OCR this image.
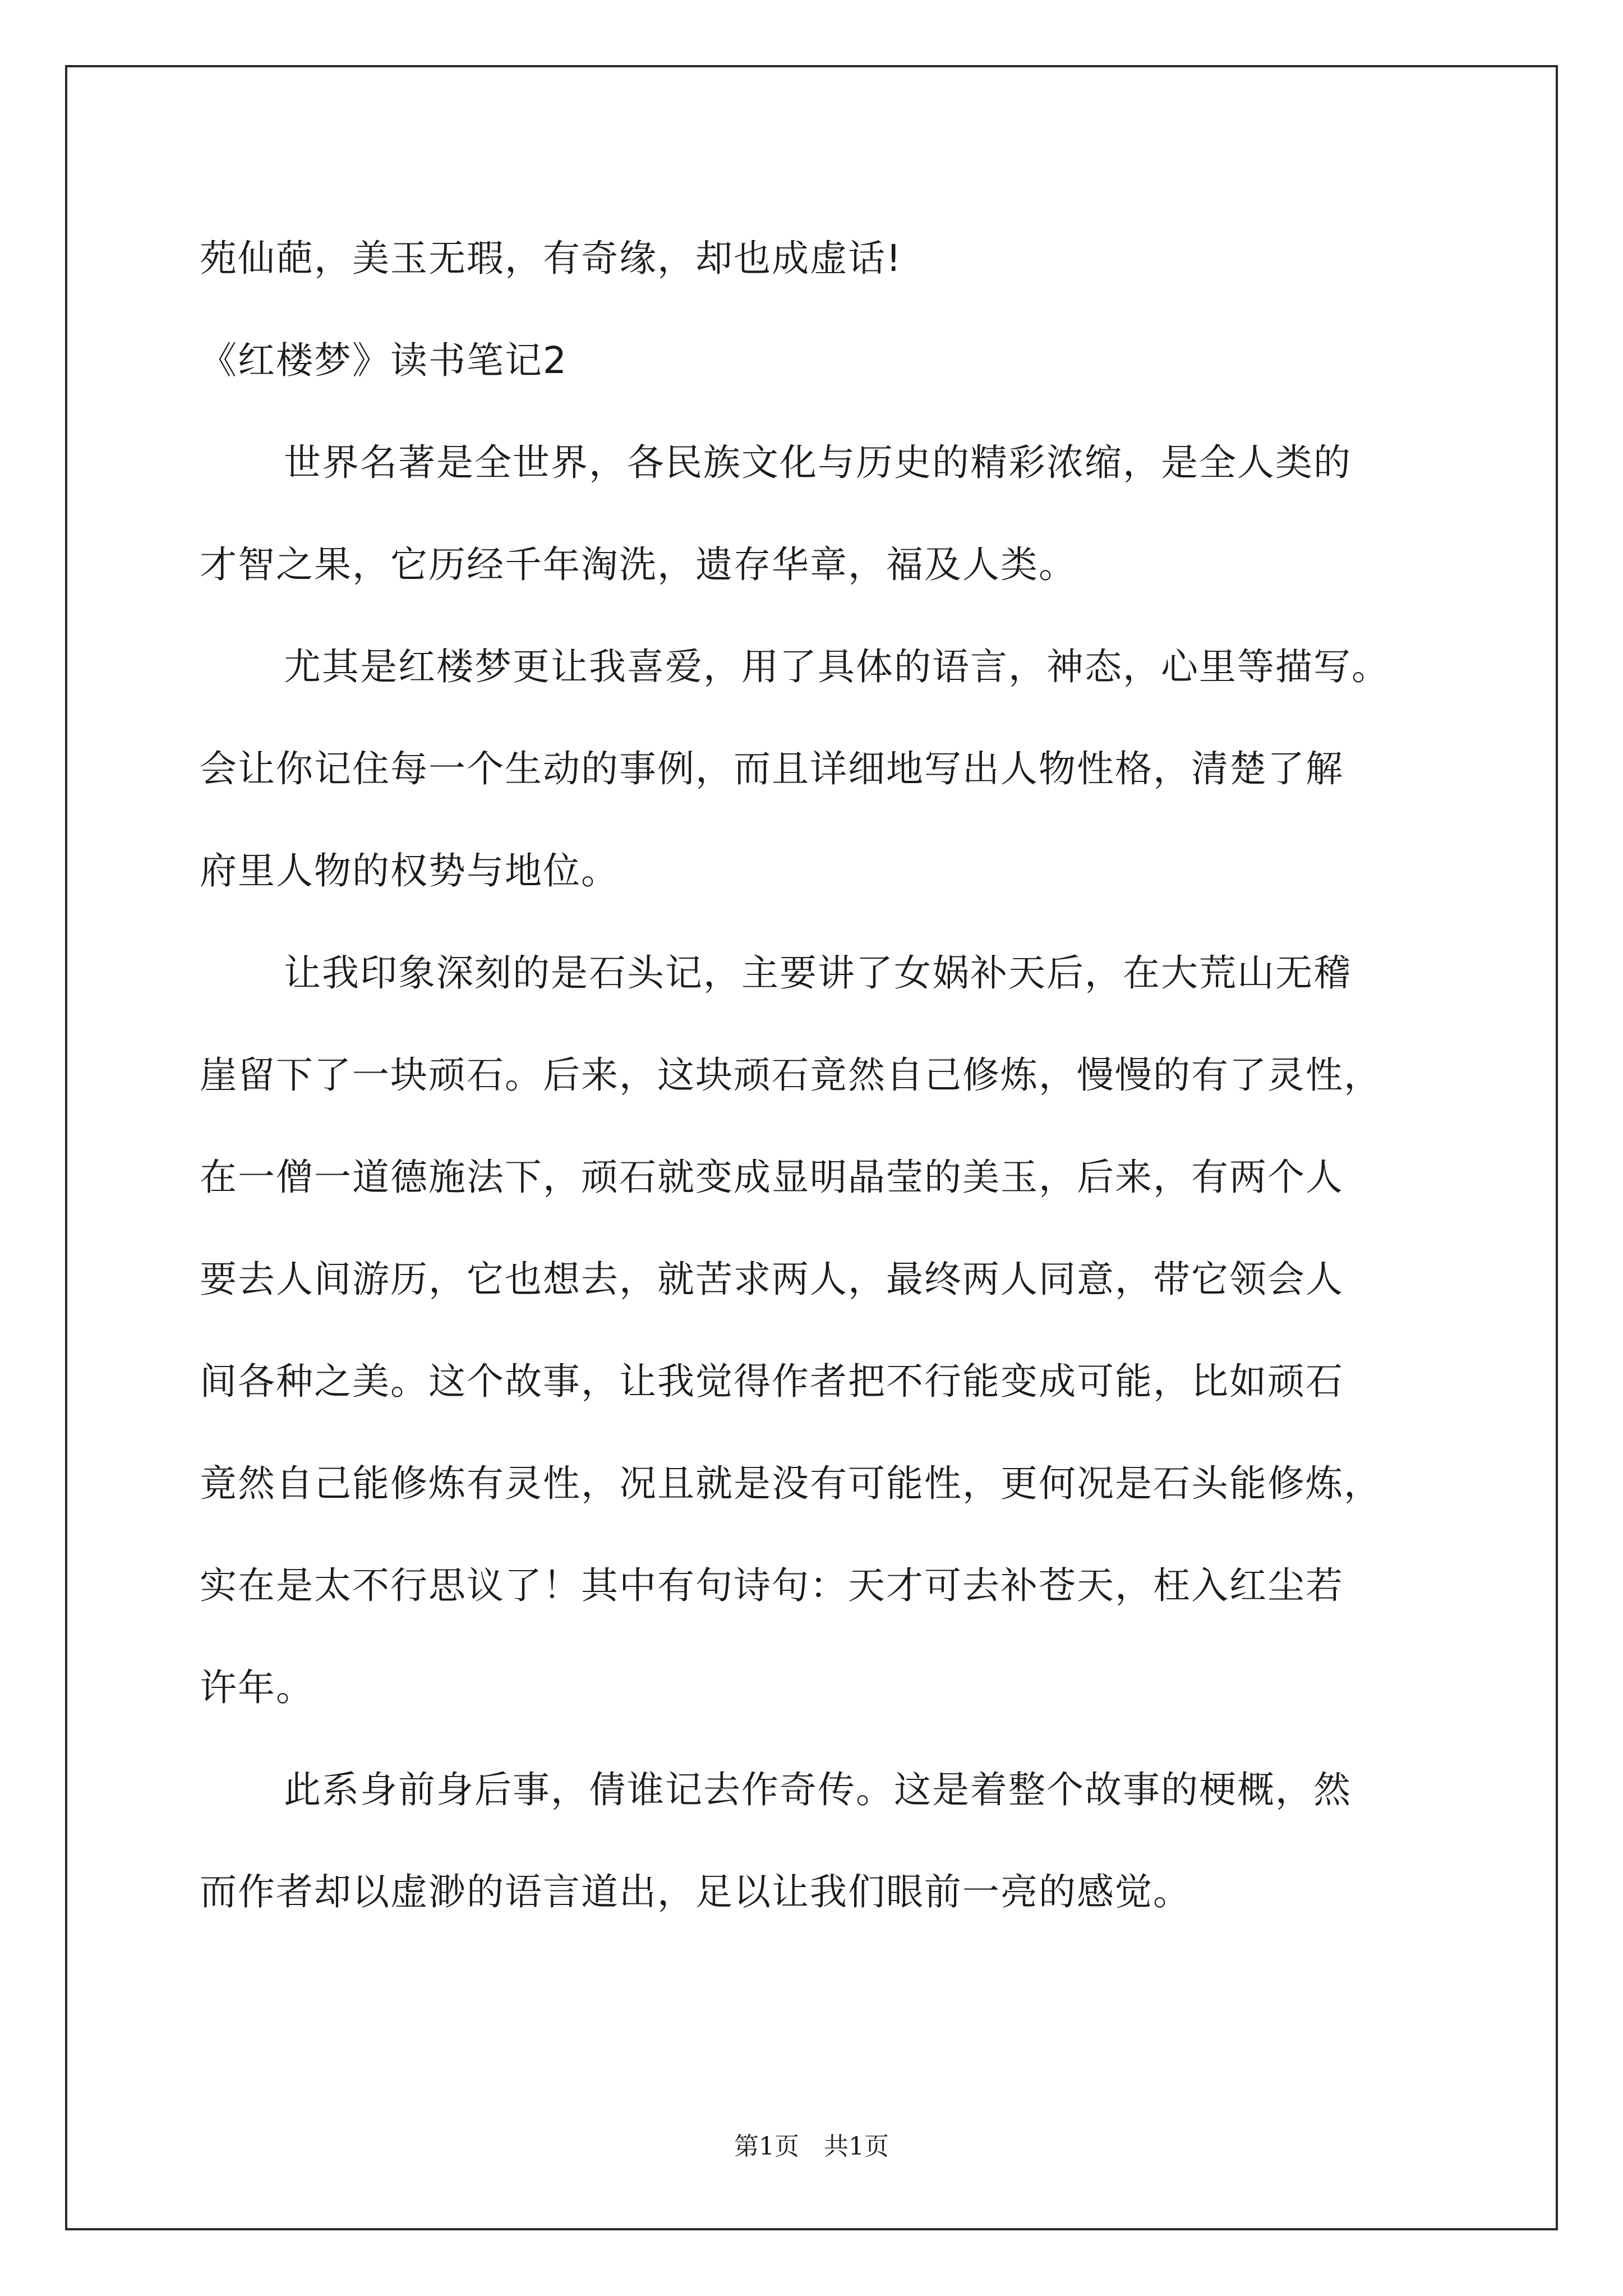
苑仙葩，美玉无瑕，有奇缘，却也成虚话!
《红楼梦》读书笔记2
世界名著是全世界，各民族文化与历史的精彩浓缩，是全人类的
才智之果，它历经千年淘洗，遗存华章，福及人类。
尤其是红楼梦更让我喜爱，用了具体的语言，神态，心里等描写。
会让你记住每一个生动的事例，而且详细地写出人物性格，清楚了解
府里人物的权势与地位。
让我印象深刻的是石头记，主要讲了女娲补天后，在大荒山无稽
崖留下了一块顽石。后来，这块顽石竟然自己修炼，慢慢的有了灵性，
在一僧一道德施法下，顽石就变成显明晶莹的美玉，后来，有两个人
要去人间游历，它也想去，就苦求两人，最终两人同意，带它领会人
间各种之美。这个故事，让我觉得作者把不行能变成可能，比如顽石
竟然自己能修炼有灵性，况且就是没有可能性，更何况是石头能修炼，
实在是太不行思议了！其中有句诗句：天才可去补苍天，枉入红尘若
许年。
此系身前身后事，倩谁记去作奇传。这是着整个故事的梗概，然
而作者却以虚渺的语言道出，足以让我们眼前一亮的感觉。
第1页　共1页
